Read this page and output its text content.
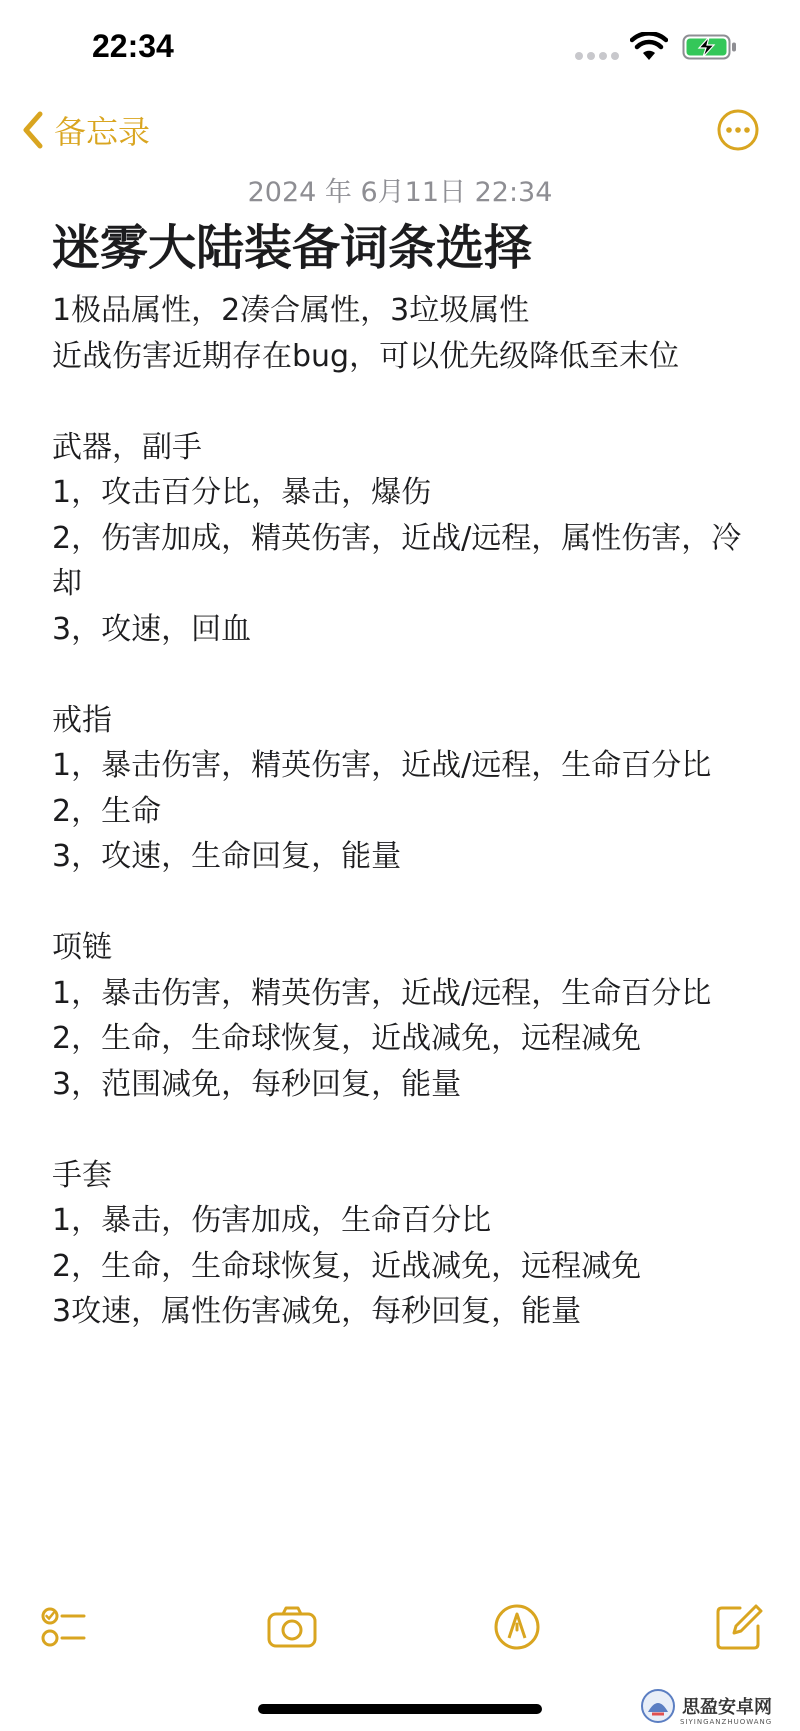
22:34
备忘录
2024 年 6月11日 22:34
迷雾大陆装备词条选择
1极品属性，2凑合属性，3垃圾属性
近战伤害近期存在bug，可以优先级降低至末位
武器，副手
1，攻击百分比，暴击，爆伤
2，伤害加成，精英伤害，近战/远程，属性伤害，冷却
3，攻速，回血
戒指
1，暴击伤害，精英伤害，近战/远程，生命百分比
2，生命
3，攻速，生命回复，能量
项链
1，暴击伤害，精英伤害，近战/远程，生命百分比
2，生命，生命球恢复，近战减免，远程减免
3，范围减免，每秒回复，能量
手套
1，暴击，伤害加成，生命百分比
2，生命，生命球恢复，近战减免，远程减免
3攻速，属性伤害减免，每秒回复，能量
思盈安卓网
SIYINGANZHUOWANG
